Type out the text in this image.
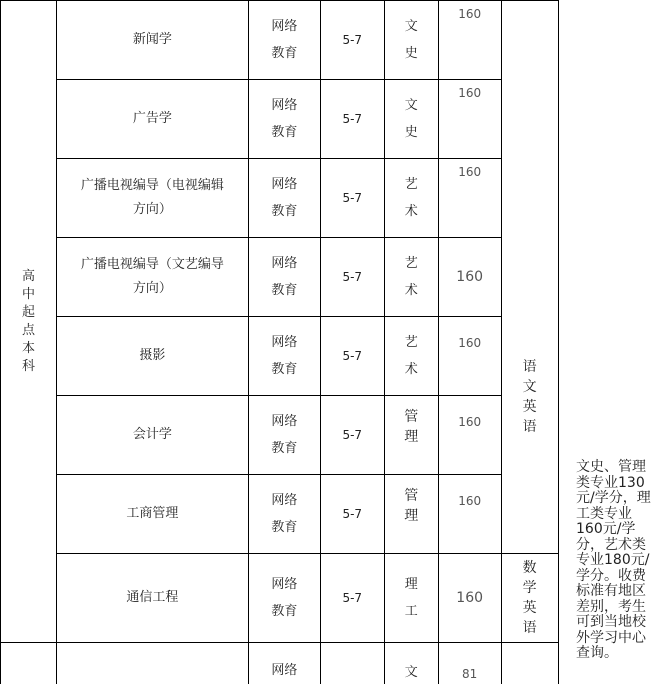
高中起点本科	新闻学	网络教育	5-7	文史	160	语文 英语	

	广告学	网络教育	5-7	文史	160		

	广播电视编导（电视编辑方向）	网络教育	5-7	艺术	160		

	广播电视编导（文艺编导方向）	网络教育	5-7	艺术	160		
	摄影	网络教育	5-7	艺术	160		
	会计学	网络教育	5-7	管理	160		
	工商管理	网络教育	5-7	管理	160		
	通信工程	网络教育	5-7	理工	160	数学英语	

		网络		文	81		

文史、管理类专业130元/学分，理工类专业160元/学分，艺术类专业180元/学分。收费标准有地区差别，考生可到当地校外学习中心查询。
